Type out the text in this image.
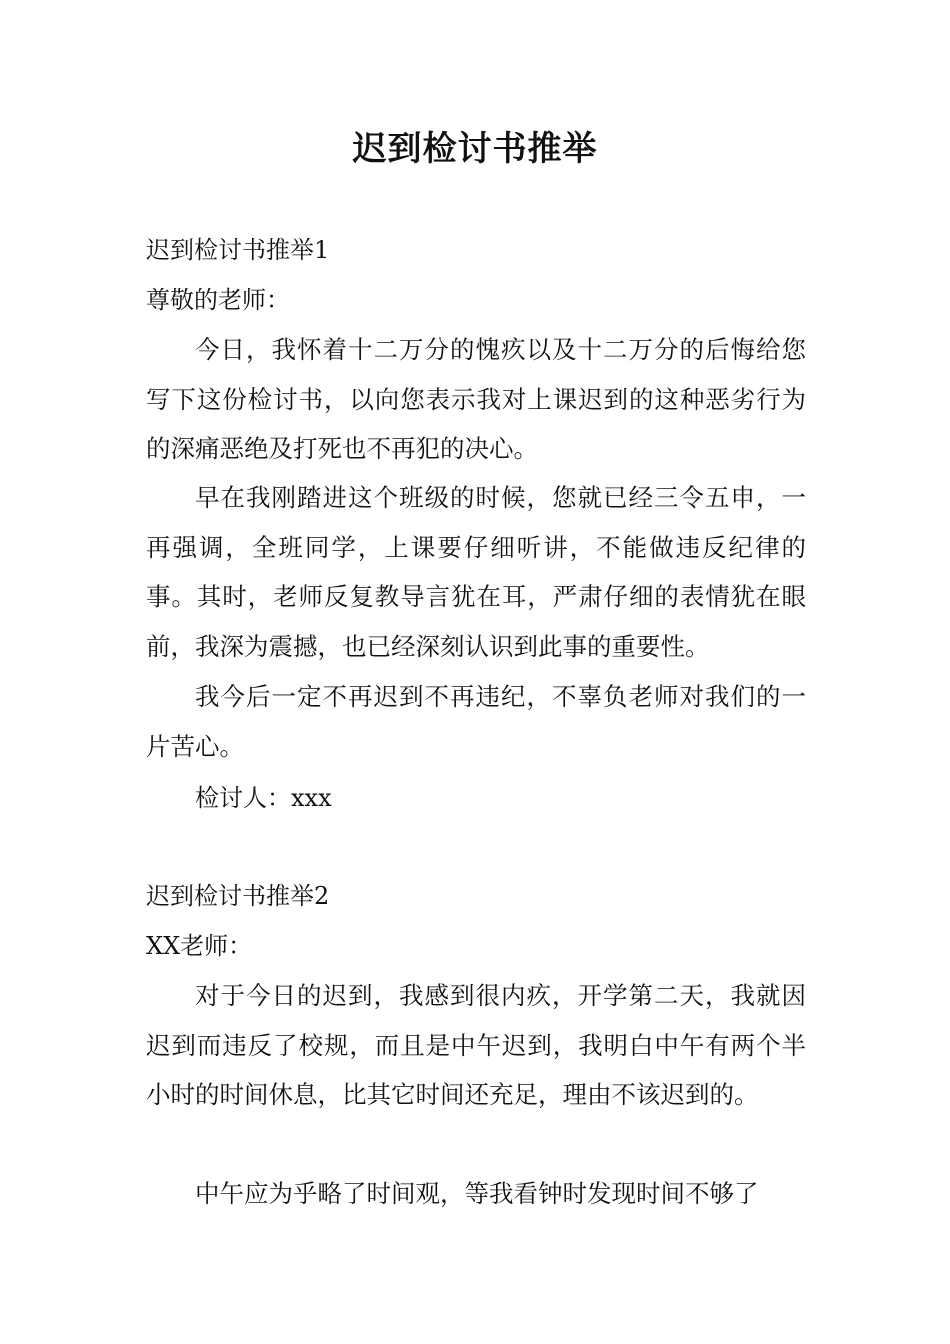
迟到检讨书推举
迟到检讨书推举1
尊敬的老师：

今日，我怀着十二万分的愧疚以及十二万分的后悔给您写下这份检讨书，以向您表示我对上课迟到的这种恶劣行为的深痛恶绝及打死也不再犯的决心。

早在我刚踏进这个班级的时候，您就已经三令五申，一再强调，全班同学，上课要仔细听讲，不能做违反纪律的事。其时，老师反复教导言犹在耳，严肃仔细的表情犹在眼前，我深为震撼，也已经深刻认识到此事的重要性。

我今后一定不再迟到不再违纪，不辜负老师对我们的一片苦心。

检讨人：xxx
迟到检讨书推举2
XX老师：

对于今日的迟到，我感到很内疚，开学第二天，我就因迟到而违反了校规，而且是中午迟到，我明白中午有两个半小时的时间休息，比其它时间还充足，理由不该迟到的。

中午应为乎略了时间观，等我看钟时发现时间不够了
